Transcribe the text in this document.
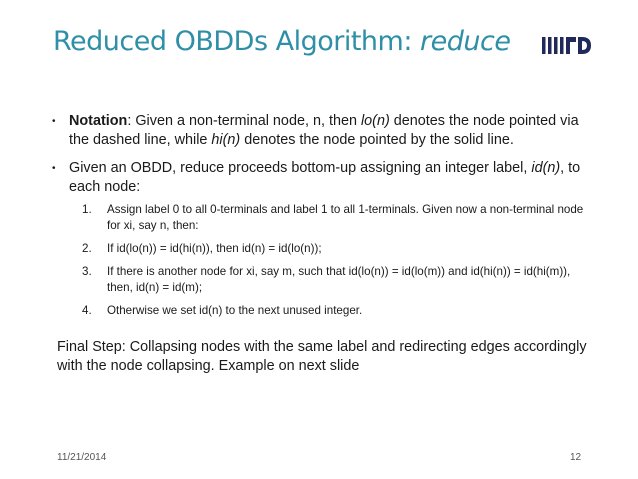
Reduced OBDDs Algorithm: reduce
• Notation: Given a non-terminal node, n, then lo(n) denotes the node pointed via the dashed line, while hi(n) denotes the node pointed by the solid line.
• Given an OBDD, reduce proceeds bottom-up assigning an integer label, id(n), to each node:
1. Assign label 0 to all 0-terminals and label 1 to all 1-terminals. Given now a non-terminal node for xi, say n, then:
2. If id(lo(n)) = id(hi(n)), then id(n) = id(lo(n));
3. If there is another node for xi, say m, such that id(lo(n)) = id(lo(m)) and id(hi(n)) = id(hi(m)), then, id(n) = id(m);
4. Otherwise we set id(n) to the next unused integer.
Final Step: Collapsing nodes with the same label and redirecting edges accordingly with the node collapsing. Example on next slide
11/21/2014	12
